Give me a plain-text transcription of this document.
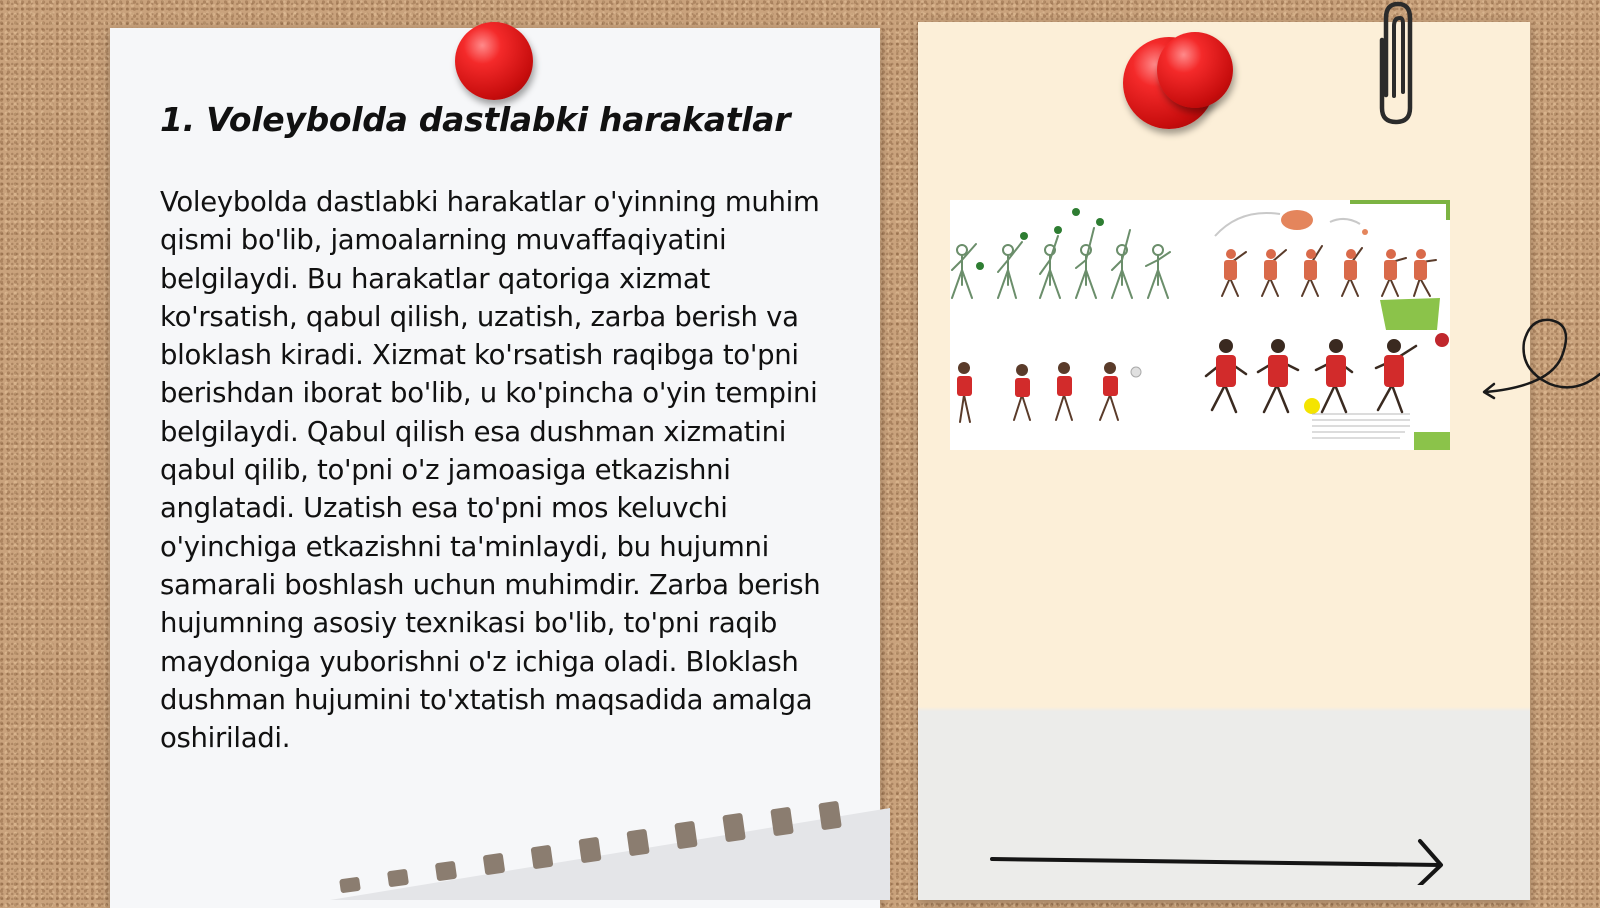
1. Voleybolda dastlabki harakatlar

Voleybolda dastlabki harakatlar o'yinning muhim qismi bo'lib, jamoalarning muvaffaqiyatini belgilaydi. Bu harakatlar qatoriga xizmat ko'rsatish, qabul qilish, uzatish, zarba berish va bloklash kiradi. Xizmat ko'rsatish raqibga to'pni berishdan iborat bo'lib, u ko'pincha o'yin tempini belgilaydi. Qabul qilish esa dushman xizmatini qabul qilib, to'pni o'z jamoasiga etkazishni anglatadi. Uzatish esa to'pni mos keluvchi o'yinchiga etkazishni ta'minlaydi, bu hujumni samarali boshlash uchun muhimdir. Zarba berish hujumning asosiy texnikasi bo'lib, to'pni raqib maydoniga yuborishni o'z ichiga oladi. Bloklash dushman hujumini to'xtatish maqsadida amalga oshiriladi.
